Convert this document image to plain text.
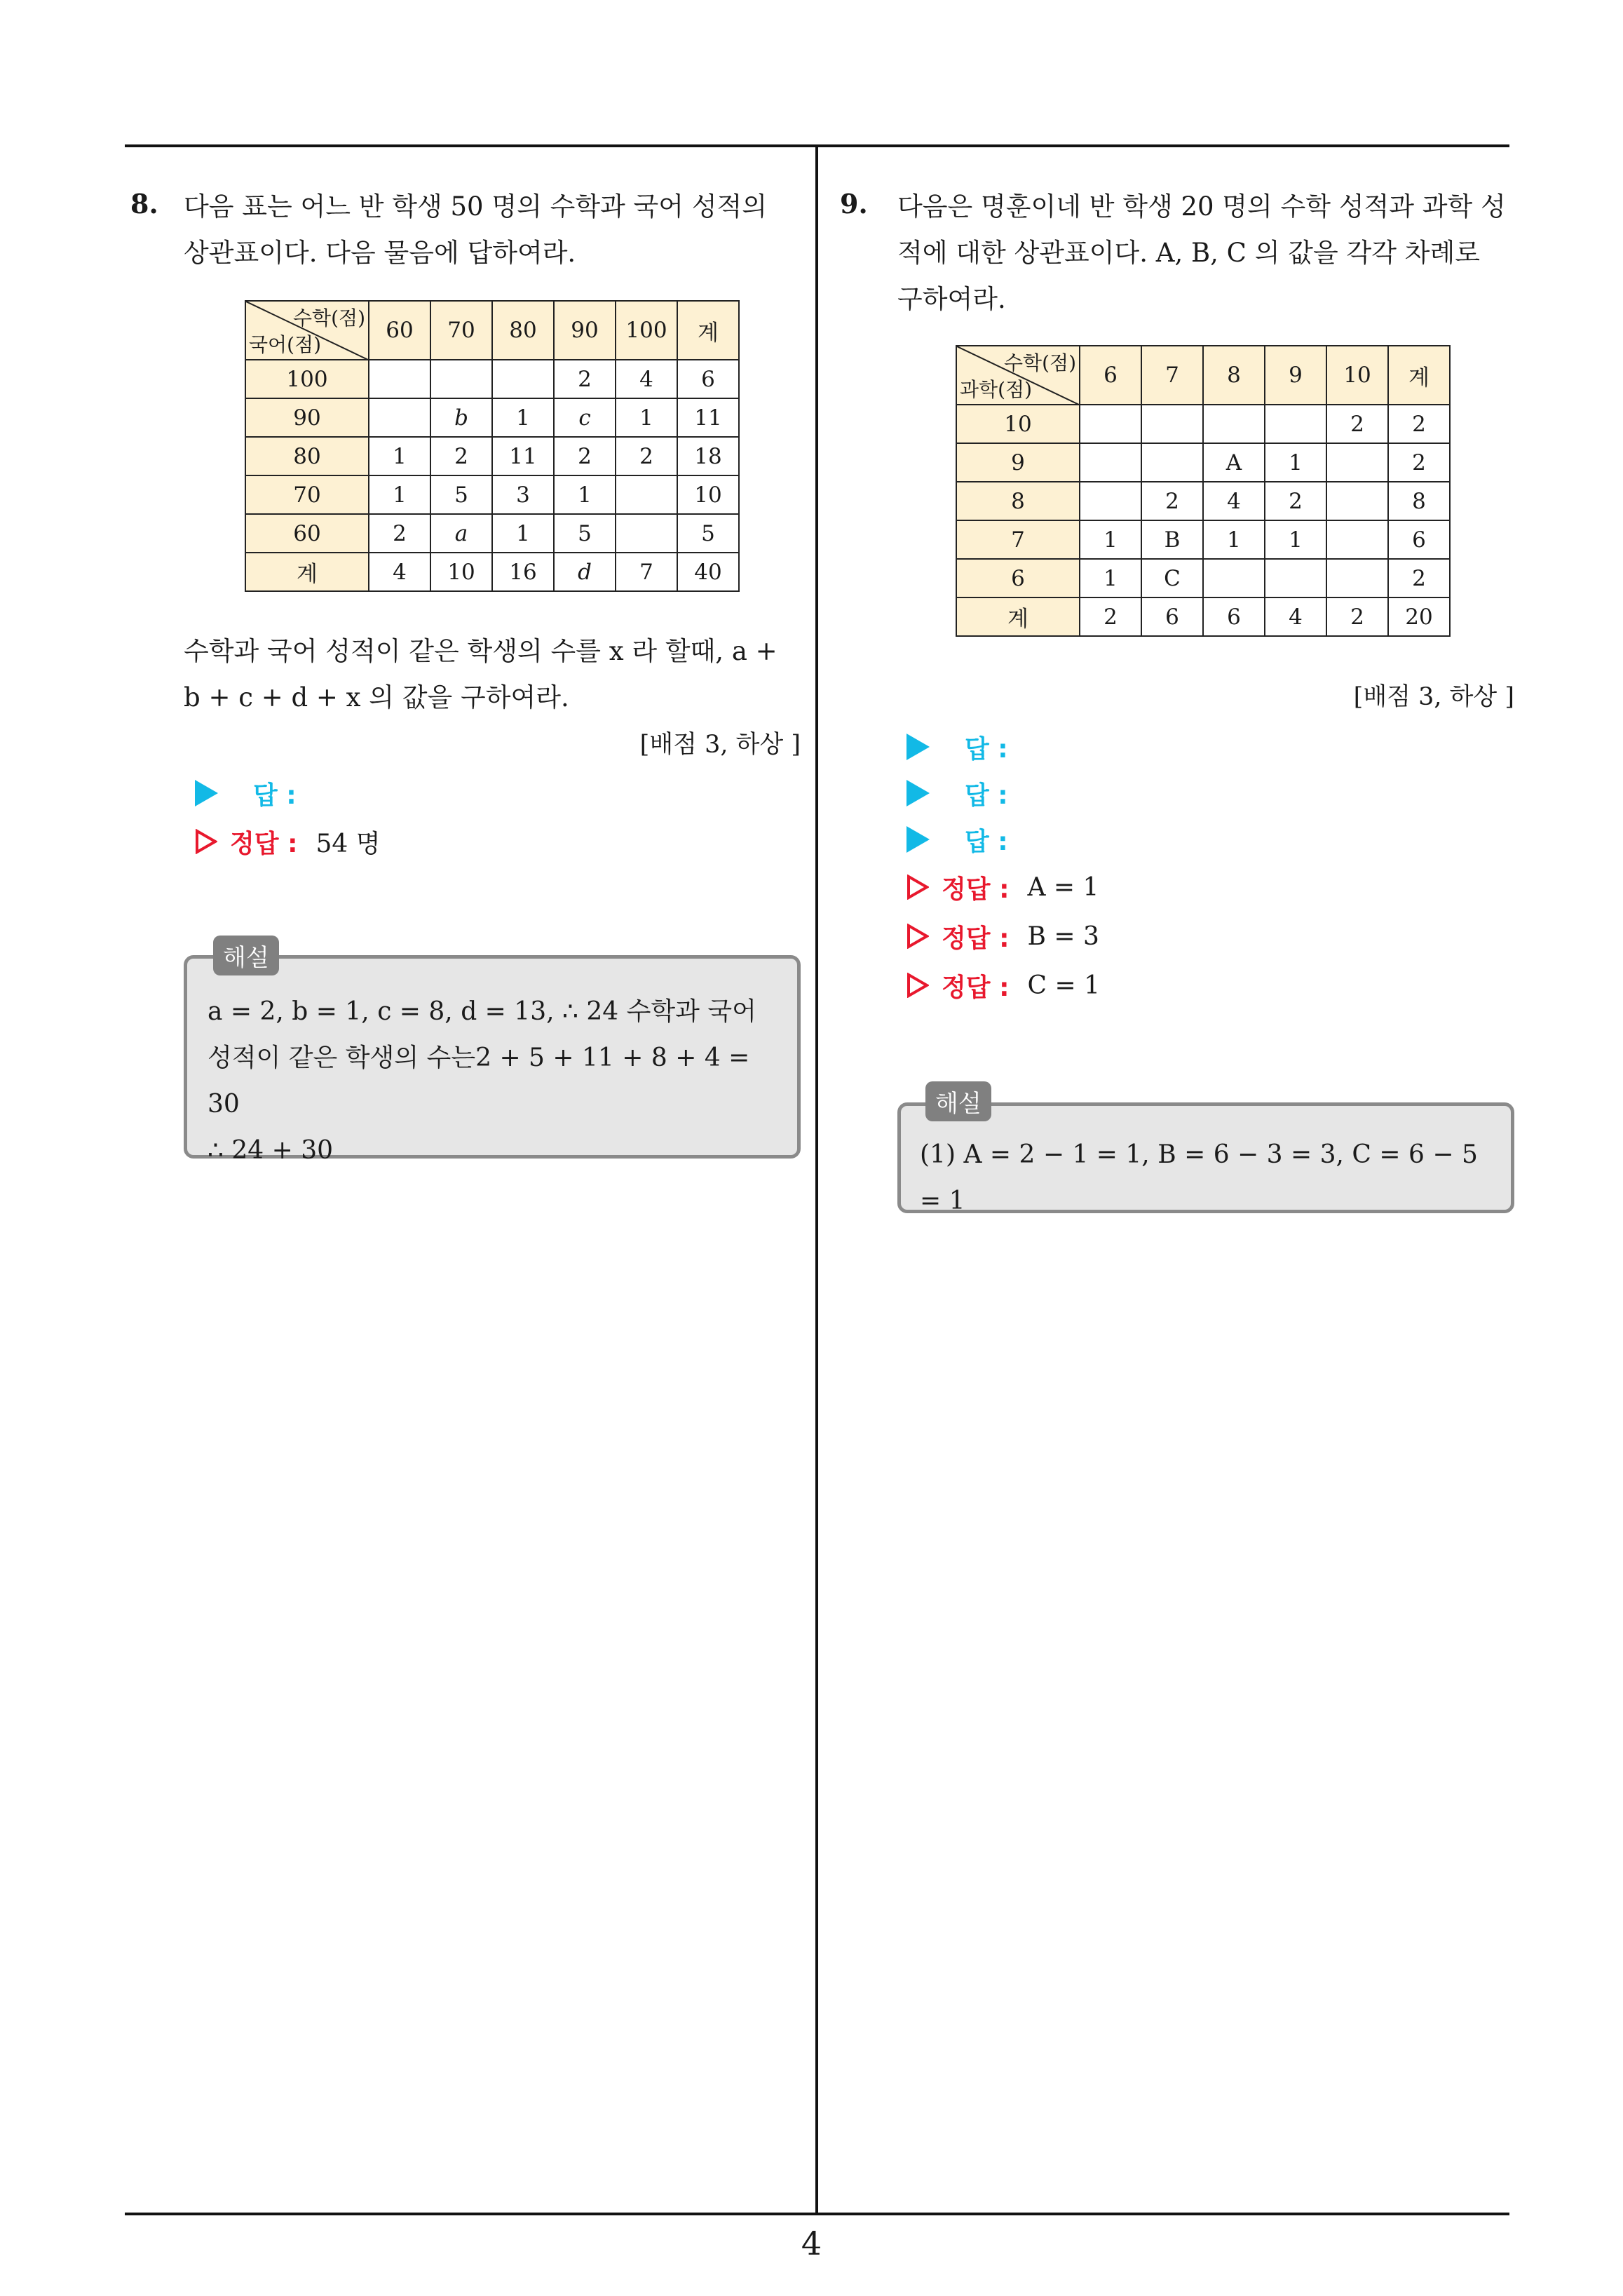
4
8. 다음 표는 어느 반 학생 50 명의 수학과 국어 성적의
상관표이다. 다음 물음에 답하여라.
수학(점)
국어(점)	60	70	80	90	100	계
100				2	4	6
90		b	1	c	1	11
80	1	2	11	2	2	18
70	1	5	3	1		10
60	2	a	1	5		5
계	4	10	16	d	7	40
수학과 국어 성적이 같은 학생의 수를 x 라 할때, a +
b + c + d + x 의 값을 구하여라.
[배점 3, 하상 ]
답 :
정답 : 54 명
해설
a = 2, b = 1, c = 8, d = 13, ∴ 24 수학과 국어
성적이 같은 학생의 수는2 + 5 + 11 + 8 + 4 = 30
∴ 24 + 30
9. 다음은 명훈이네 반 학생 20 명의 수학 성적과 과학 성
적에 대한 상관표이다. A, B, C 의 값을 각각 차례로
구하여라.
수학(점)
과학(점)	6	7	8	9	10	계
10					2	2
9			A	1		2
8		2	4	2		8
7	1	B	1	1		6
6	1	C				2
계	2	6	6	4	2	20
[배점 3, 하상 ]
답 :
답 :
답 :
정답 : A = 1
정답 : B = 3
정답 : C = 1
해설
(1) A = 2 − 1 = 1, B = 6 − 3 = 3, C = 6 − 5 = 1
